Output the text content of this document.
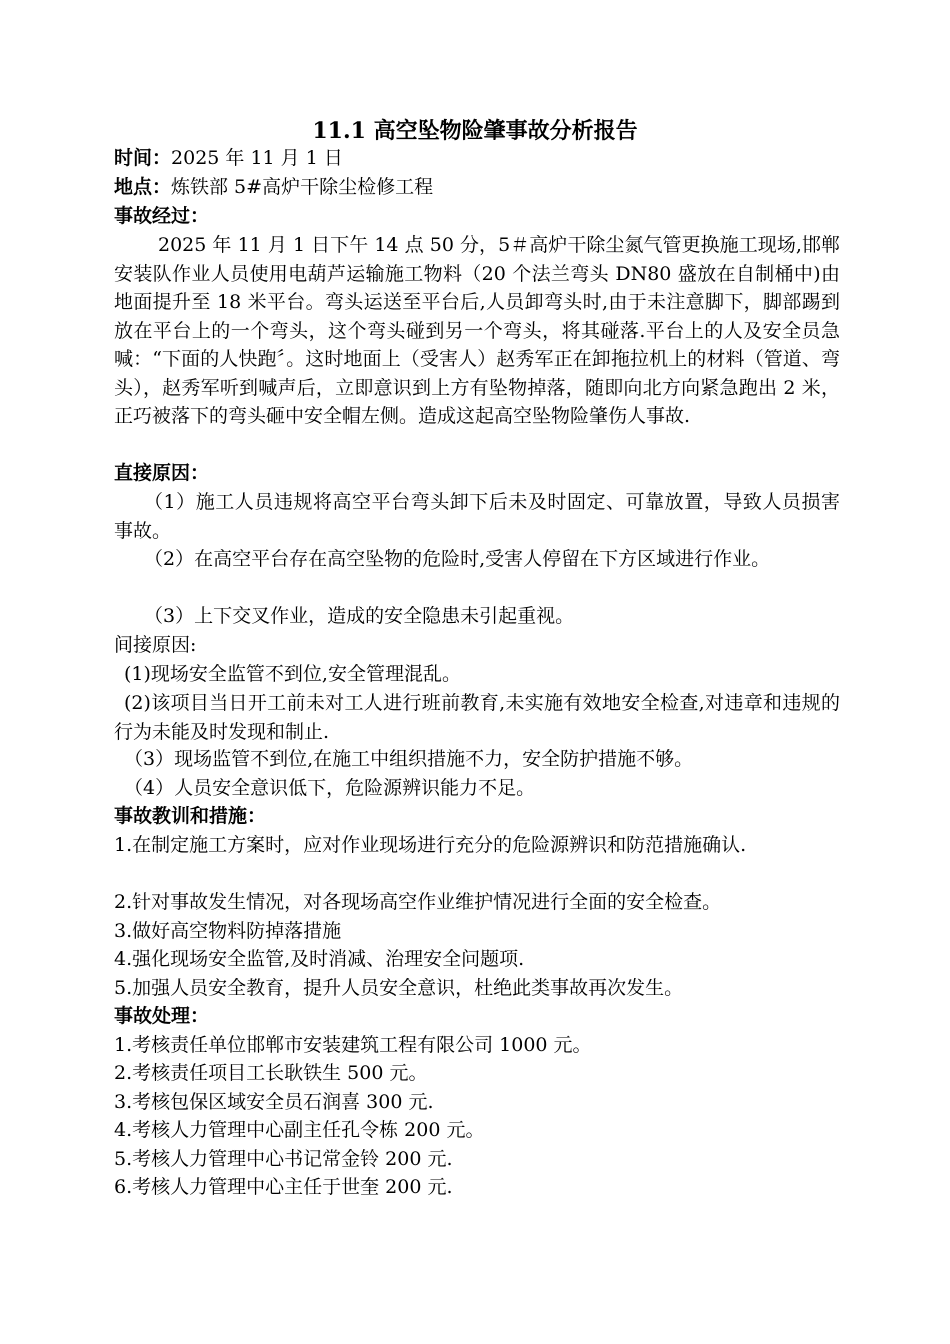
11.1 高空坠物险肇事故分析报告
时间：2025 年 11 月 1 日
地点：炼铁部 5#高炉干除尘检修工程
事故经过：
2025 年 11 月 1 日下午 14 点 50 分，5＃高炉干除尘氮气管更换施工现场,邯郸安装队作业人员使用电葫芦运输施工物料（20 个法兰弯头 DN80 盛放在自制桶中)由地面提升至 18 米平台。弯头运送至平台后,人员卸弯头时,由于未注意脚下，脚部踢到放在平台上的一个弯头，这个弯头碰到另一个弯头，将其碰落.平台上的人及安全员急喊：“下面的人快跑〞。这时地面上（受害人）赵秀军正在卸拖拉机上的材料（管道、弯头），赵秀军听到喊声后，立即意识到上方有坠物掉落，随即向北方向紧急跑出 2 米，正巧被落下的弯头砸中安全帽左侧。造成这起高空坠物险肇伤人事故.
直接原因：
（1）施工人员违规将高空平台弯头卸下后未及时固定、可靠放置，导致人员损害事故。
（2）在高空平台存在高空坠物的危险时,受害人停留在下方区域进行作业。
（3）上下交叉作业，造成的安全隐患未引起重视。
间接原因:
(1)现场安全监管不到位,安全管理混乱。
(2)该项目当日开工前未对工人进行班前教育,未实施有效地安全检查,对违章和违规的行为未能及时发现和制止.
（3）现场监管不到位,在施工中组织措施不力，安全防护措施不够。
（4）人员安全意识低下，危险源辨识能力不足。
事故教训和措施：
1.在制定施工方案时，应对作业现场进行充分的危险源辨识和防范措施确认.
2.针对事故发生情况，对各现场高空作业维护情况进行全面的安全检查。
3.做好高空物料防掉落措施
4.强化现场安全监管,及时消减、治理安全问题项.
5.加强人员安全教育，提升人员安全意识，杜绝此类事故再次发生。
事故处理：
1.考核责任单位邯郸市安装建筑工程有限公司 1000 元。
2.考核责任项目工长耿铁生 500 元。
3.考核包保区域安全员石润喜 300 元.
4.考核人力管理中心副主任孔令栋 200 元。
5.考核人力管理中心书记常金铃 200 元.
6.考核人力管理中心主任于世奎 200 元.
